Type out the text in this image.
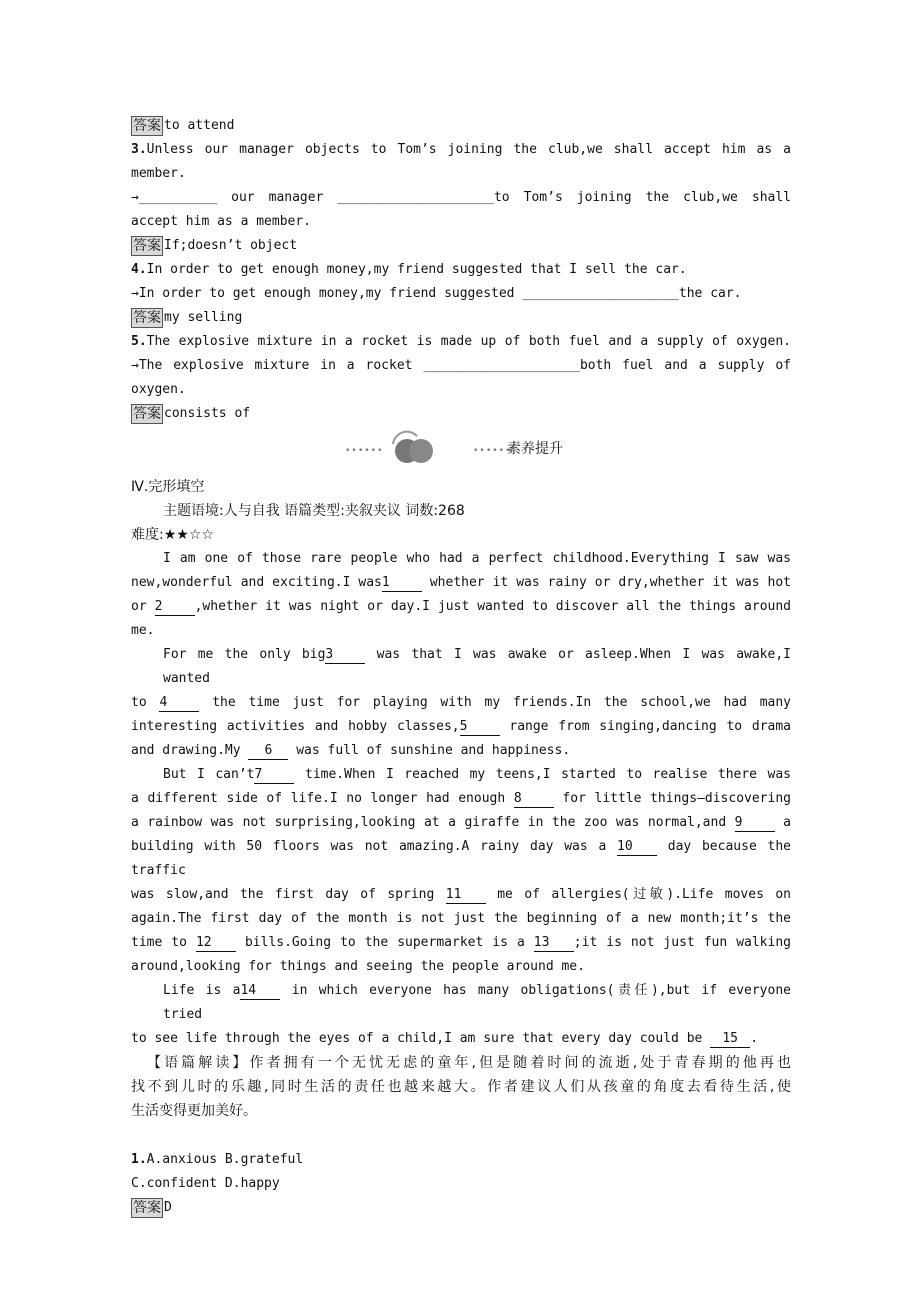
答案 to attend
3.Unless our manager objects to Tom’s joining the club,we shall accept him as a
member.
→__________ our manager ____________________to Tom’s joining the club,we shall
accept him as a member.
答案 If;doesn’t object
4.In order to get enough money,my friend suggested that I sell the car.
→In order to get enough money,my friend suggested ____________________the car.
答案 my selling
5.The explosive mixture in a rocket is made up of both fuel and a supply of oxygen.
→The explosive mixture in a rocket ____________________both fuel and a supply of
oxygen.
答案 consists of
••••••	••••••
素养提升
Ⅳ.完形填空
主题语境:人与自我 语篇类型:夹叙夹议 词数:268
难度:★★☆☆
I am one of those rare people who had a perfect childhood.Everything I saw was
new,wonderful and exciting.I was1 whether it was rainy or dry,whether it was hot
or 2 ,whether it was night or day.I just wanted to discover all the things around
me.
For me the only big3 was that I was awake or asleep.When I was awake,I wanted
to 4 the time just for playing with my friends.In the school,we had many
interesting activities and hobby classes,5 range from singing,dancing to drama
and drawing.My 6 was full of sunshine and happiness.
But I can’t7 time.When I reached my teens,I started to realise there was
a different side of life.I no longer had enough 8 for little things—discovering
a rainbow was not surprising,looking at a giraffe in the zoo was normal,and 9 a
building with 50 floors was not amazing.A rainy day was a 10 day because the traffic
was slow,and the first day of spring 11 me of allergies(过敏).Life moves on
again.The first day of the month is not just the beginning of a new month;it’s the
time to 12 bills.Going to the supermarket is a 13 ;it is not just fun walking
around,looking for things and seeing the people around me.
Life is a14 in which everyone has many obligations(责任),but if everyone tried
to see life through the eyes of a child,I am sure that every day could be 15 .
【语篇解读】作者拥有一个无忧无虑的童年,但是随着时间的流逝,处于青春期的他再也
找不到儿时的乐趣,同时生活的责任也越来越大。作者建议人们从孩童的角度去看待生活,使
生活变得更加美好。
1.A.anxious B.grateful
C.confident D.happy
答案 D
